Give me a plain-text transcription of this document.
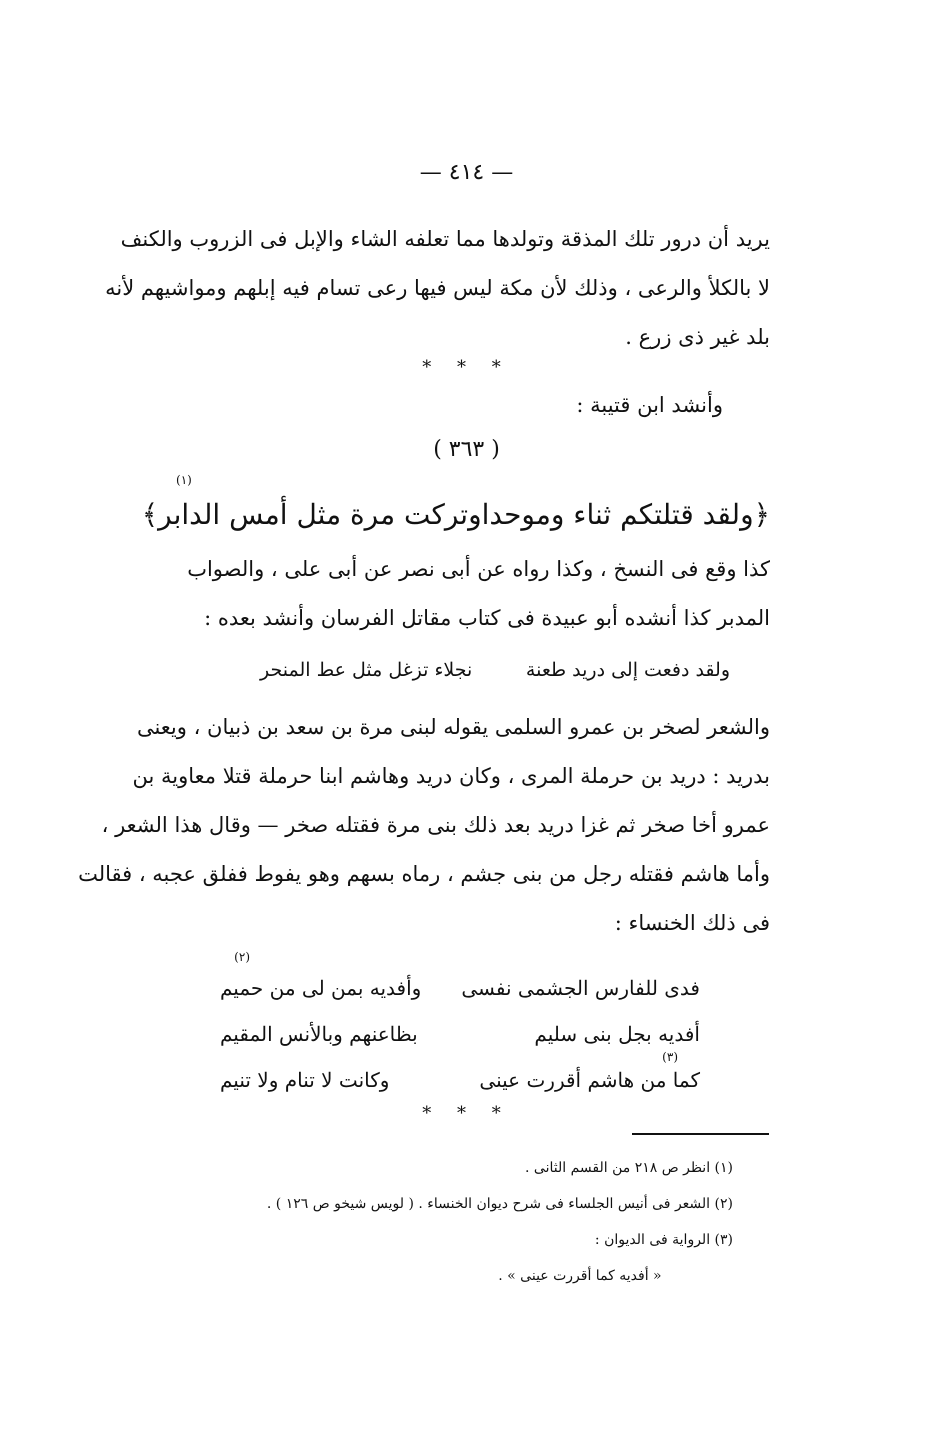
— ٤١٤ —
يريد أن درور تلك المذقة وتولدها مما تعلفه الشاء والإبل فى الزروب والكنف
لا بالكلأ والرعى ، وذلك لأن مكة ليس فيها رعى تسام فيه إبلهم ومواشيهم لأنه
بلد غير ذى زرع .
* * *
وأنشد ابن قتيبة :
( ٣٦٣ )
﴿ولقد قتلتكم ثناء وموحدا
وتركت مرة مثل أمس الدابر﴾
(١)
كذا وقع فى النسخ ، وكذا رواه عن أبى نصر عن أبى على ، والصواب
المدبر كذا أنشده أبو عبيدة فى كتاب مقاتل الفرسان وأنشد بعده :
ولقد دفعت إلى دريد طعنة
نجلاء تزغل مثل عط المنحر
والشعر لصخر بن عمرو السلمى يقوله لبنى مرة بن سعد بن ذبيان ، ويعنى
بدريد : دريد بن حرملة المرى ، وكان دريد وهاشم ابنا حرملة قتلا معاوية بن
عمرو أخا صخر ثم غزا دريد بعد ذلك بنى مرة فقتله صخر — وقال هذا الشعر ،
وأما هاشم فقتله رجل من بنى جشم ، رماه بسهم وهو يفوط ففلق عجبه ، فقالت
فى ذلك الخنساء :
(٢)
فدى للفارس الجشمى نفسى
وأفديه بمن لى من حميم
أفديه بجل بنى سليم
بظاعنهم وبالأنس المقيم
(٣)
كما من هاشم أقررت عينى
وكانت لا تنام ولا تنيم
* * *
(١) انظر ص ٢١٨ من القسم الثانى .
(٢) الشعر فى أنيس الجلساء فى شرح ديوان الخنساء . ( لويس شيخو ص ١٢٦ ) .
(٣) الرواية فى الديوان :
« أفديه كما أقررت عينى » .
